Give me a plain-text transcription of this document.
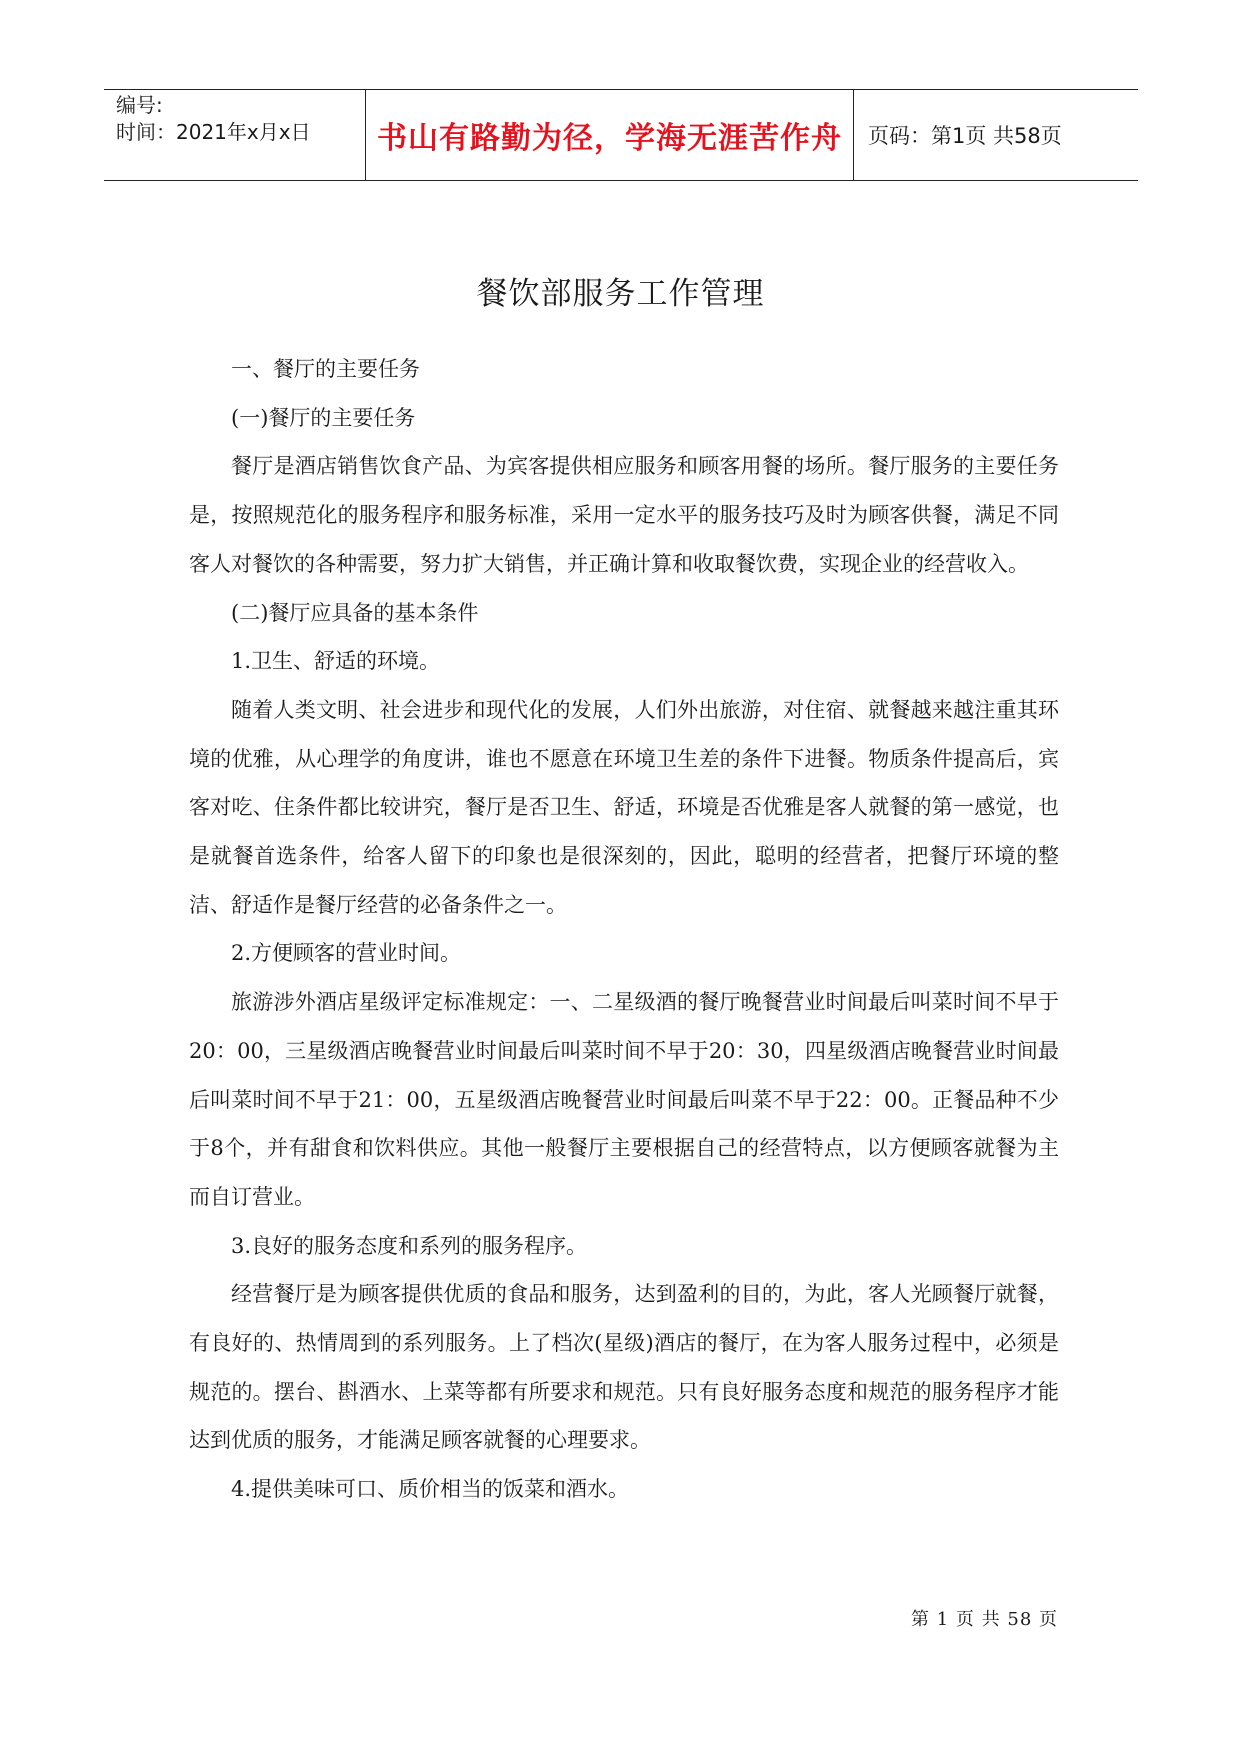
编号:
时间：2021年x月x日	书山有路勤为径，学海无涯苦作舟 页码：第1页 共58页
餐饮部服务工作管理

一、餐厅的主要任务

(一)餐厅的主要任务

餐厅是酒店销售饮食产品、为宾客提供相应服务和顾客用餐的场所。餐厅服务的主要任务是，按照规范化的服务程序和服务标准，采用一定水平的服务技巧及时为顾客供餐，满足不同客人对餐饮的各种需要，努力扩大销售，并正确计算和收取餐饮费，实现企业的经营收入。

(二)餐厅应具备的基本条件

1.卫生、舒适的环境。

随着人类文明、社会进步和现代化的发展，人们外出旅游，对住宿、就餐越来越注重其环境的优雅，从心理学的角度讲，谁也不愿意在环境卫生差的条件下进餐。物质条件提高后，宾客对吃、住条件都比较讲究，餐厅是否卫生、舒适，环境是否优雅是客人就餐的第一感觉，也是就餐首选条件，给客人留下的印象也是很深刻的，因此，聪明的经营者，把餐厅环境的整洁、舒适作是餐厅经营的必备条件之一。

2.方便顾客的营业时间。

旅游涉外酒店星级评定标准规定：一、二星级酒的餐厅晚餐营业时间最后叫菜时间不早于20：00，三星级酒店晚餐营业时间最后叫菜时间不早于20：30，四星级酒店晚餐营业时间最后叫菜时间不早于21：00，五星级酒店晚餐营业时间最后叫菜不早于22：00。正餐品种不少于8个，并有甜食和饮料供应。其他一般餐厅主要根据自己的经营特点，以方便顾客就餐为主而自订营业。

3.良好的服务态度和系列的服务程序。

经营餐厅是为顾客提供优质的食品和服务，达到盈利的目的，为此，客人光顾餐厅就餐，有良好的、热情周到的系列服务。上了档次(星级)酒店的餐厅，在为客人服务过程中，必须是规范的。摆台、斟酒水、上菜等都有所要求和规范。只有良好服务态度和规范的服务程序才能达到优质的服务，才能满足顾客就餐的心理要求。

4.提供美味可口、质价相当的饭菜和酒水。

第 1 页 共 58 页
